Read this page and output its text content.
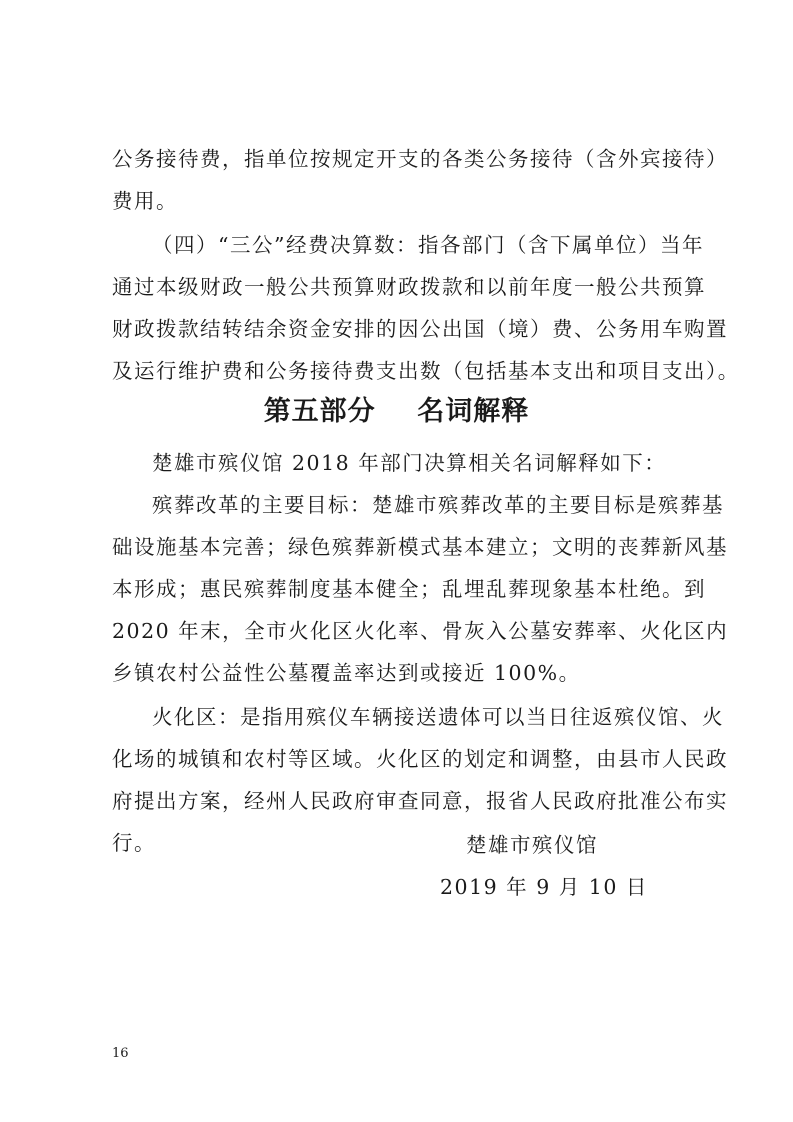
公务接待费，指单位按规定开支的各类公务接待（含外宾接待）
费用。
（四）“三公”经费决算数：指各部门（含下属单位）当年
通过本级财政一般公共预算财政拨款和以前年度一般公共预算
财政拨款结转结余资金安排的因公出国（境）费、公务用车购置
及运行维护费和公务接待费支出数（包括基本支出和项目支出）。
第五部分    名词解释
楚雄市殡仪馆 2018 年部门决算相关名词解释如下：
殡葬改革的主要目标：楚雄市殡葬改革的主要目标是殡葬基
础设施基本完善；绿色殡葬新模式基本建立；文明的丧葬新风基
本形成；惠民殡葬制度基本健全；乱埋乱葬现象基本杜绝。到
2020 年末，全市火化区火化率、骨灰入公墓安葬率、火化区内
乡镇农村公益性公墓覆盖率达到或接近 100%。
火化区：是指用殡仪车辆接送遗体可以当日往返殡仪馆、火
化场的城镇和农村等区域。火化区的划定和调整，由县市人民政
府提出方案，经州人民政府审查同意，报省人民政府批准公布实
行。	楚雄市殡仪馆
2019 年 9 月 10 日
16
